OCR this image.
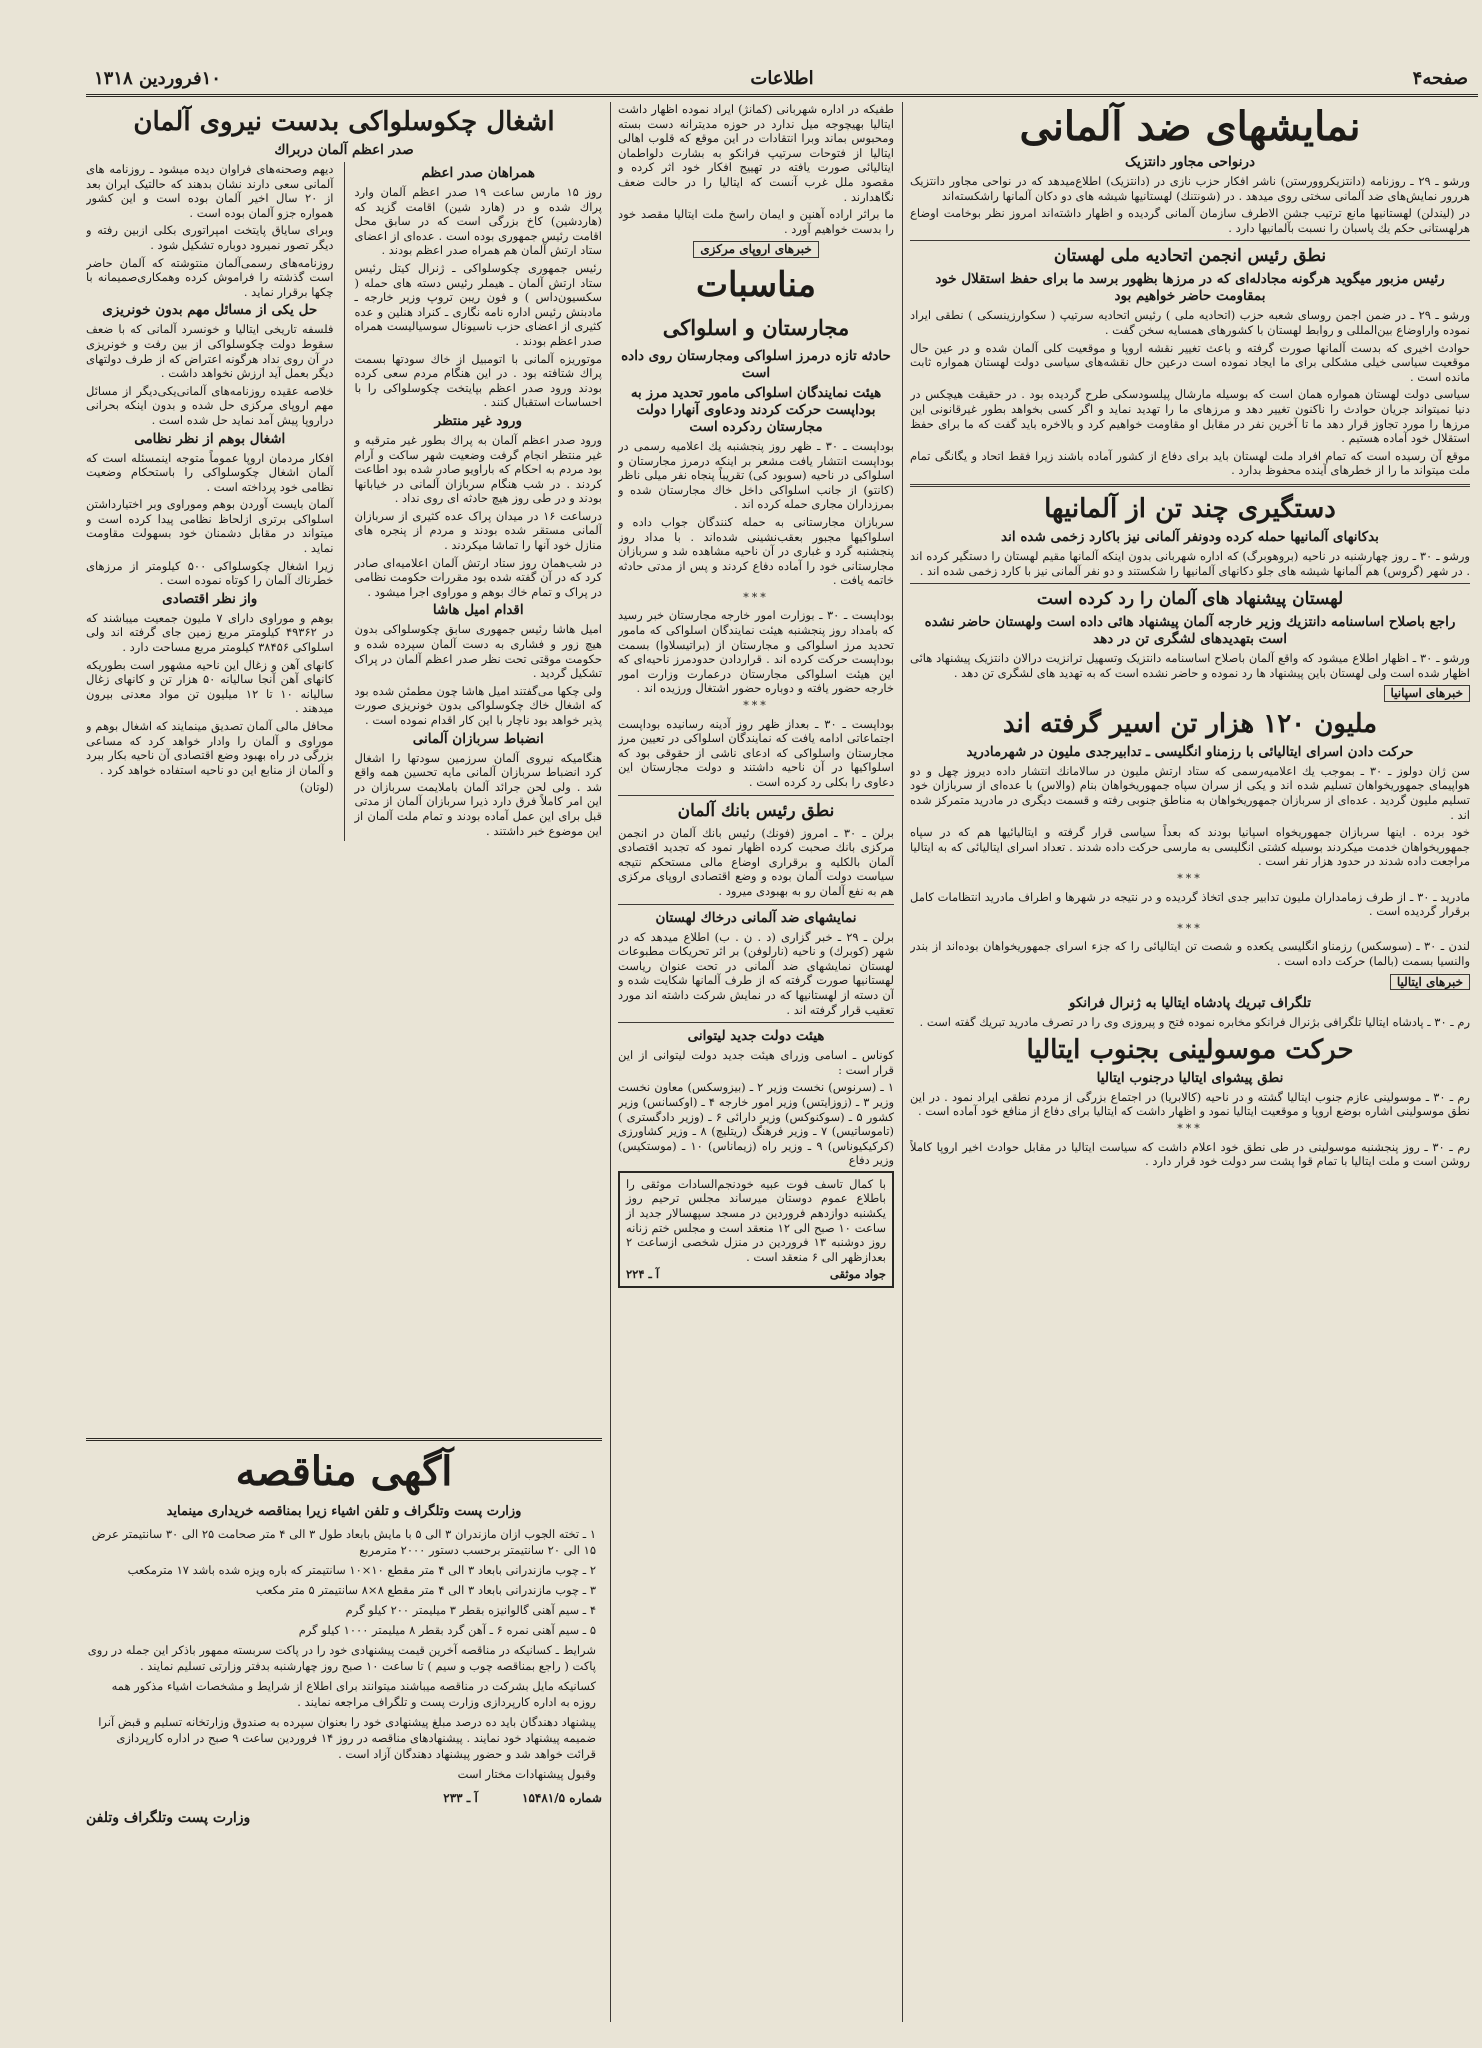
صفحه۴
اطلاعات
۱۰فروردین ۱۳۱۸
نمایشهای ضد آلمانی
درنواحی مجاور دانتزیک

ورشو ـ ۲۹ ـ روزنامه (دانتزیکروورستن) ناشر افکار حزب نازی در (دانتزیک) اطلاع‌میدهد که در نواحی مجاور دانتزیک هررور نمایش‌های ضد آلمانی سختی روی میدهد . در (شونتنك) لهستانیها شیشه های دو دکان آلمانها راشکسته‌اند

در (لیندلن) لهستانیها مانع ترتیب جشن الاطرف سازمان آلمانی گردیده و اظهار داشته‌اند امروز نظر بوخامت اوضاع هرلهستانی حکم یك پاسبان را نسبت بآلمانیها دارد .

نطق رئیس انجمن اتحادیه ملی لهستان
رئیس مزبور میگوید هرگونه مجادله‌ای که در مرزها بظهور برسد ما برای حفظ استقلال خود بمقاومت حاضر خواهیم بود

ورشو ـ ۲۹ ـ در ضمن اجمن روسای شعبه حزب (اتحادیه ملی ) رئیس اتحادیه سرتیپ ( سکوارزینسکی ) نطقی ایراد نموده واراوضاع بین‌المللی و روابط لهستان با کشورهای همسایه سخن گفت .

حوادث اخیری که بدست آلمانها صورت گرفته و باعث تغییر نقشه اروپا و موقعیت کلی آلمان شده و در عین حال موقعیت سیاسی خیلی مشکلی برای ما ایجاد نموده است درعین حال نقشه‌های سیاسی دولت لهستان همواره ثابت مانده است .

سیاسی دولت لهستان همواره همان است که بوسیله مارشال پیلسودسکی طرح گردیده بود . در حقیقت هیچکس در دنیا نمیتواند جریان حوادث را ناکنون تغییر دهد و مرزهای ما را تهدید نماید و اگر کسی بخواهد بطور غیرقانونی این مرزها را مورد تجاوز قرار دهد ما تا آخرین نفر در مقابل او مقاومت خواهیم کرد و بالاخره باید گفت که ما برای حفظ استقلال خود آماده هستیم .

موقع آن رسیده است که تمام افراد ملت لهستان باید برای دفاع از کشور آماده باشند زیرا فقط اتحاد و یگانگی تمام ملت میتواند ما را از خطرهای آینده محفوظ بدارد .

دستگیری چند تن از آلمانیها
بدکانهای آلمانیها حمله کرده ودونفر آلمانی نیز باکارد زخمی شده اند

ورشو ـ ۳۰ ـ روز چهارشنبه در ناحیه (بروهوبرگ) که اداره شهربانی بدون اینکه آلمانها مقیم لهستان را دستگیر کرده اند . در شهر (گروس) هم آلمانها شیشه های جلو دکانهای آلمانیها را شکستند و دو نفر آلمانی نیز با کارد زخمی شده اند .

لهستان پیشنهاد های آلمان را رد کرده است
راجع باصلاح اساسنامه دانتزیك وزیر خارجه آلمان پیشنهاد هائی داده است ولهستان حاضر نشده است بتهدیدهای لشگری تن در دهد

ورشو ـ ۳۰ ـ اظهار اطلاع میشود که واقع آلمان باصلاح اساسنامه دانتزیک وتسهیل ترانزیت درالان دانتزیک پیشنهاد هائی اظهار شده است ولی لهستان باین پیشنهاد ها رد نموده و حاضر نشده است که به تهدید های لشگری تن دهد .

خبرهای اسپانیا
ملیون ۱۲۰ هزار تن اسیر گرفته اند
حرکت دادن اسرای ایتالیائی با رزمناو انگلیسی ـ تدابیرجدی ملیون در شهرمادرید

سن ژان دولوز ـ ۳۰ ـ بموجب یك اعلامیه‌رسمی که ستاد ارتش ملیون در سالامانك انتشار داده دیروز چهل و دو هواپیمای جمهوریخواهان تسلیم شده اند و یکی از سران سپاه جمهوریخواهان بنام (والاس) با عده‌ای از سربازان خود تسلیم ملیون گردید . عده‌ای از سربازان جمهوریخواهان به مناطق جنوبی رفته و قسمت دیگری در مادرید متمرکز شده اند .

خود برده . اینها سربازان جمهوریخواه اسپانیا بودند که بعداً سیاسی قرار گرفته و ایتالیائیها هم که در سپاه جمهوریخواهان خدمت میکردند بوسیله کشتی انگلیسی به مارسی حرکت داده شدند . تعداد اسرای ایتالیائی که به ایتالیا مراجعت داده شدند در حدود هزار نفر است .

***

مادرید ـ ۳۰ ـ از طرف زمامداران ملیون تدابیر جدی اتخاذ گردیده و در نتیجه در شهرها و اطراف مادرید انتظامات کامل برقرار گردیده است .

***

لندن ـ ۳۰ ـ (سوسکس) رزمناو انگلیسی یکعده و شصت تن ایتالیائی را که جزء اسرای جمهوریخواهان بوده‌اند از بندر والنسیا بسمت (بالما) حرکت داده است .

خبرهای ایتالیا
تلگراف تبریك پادشاه ایتالیا به ژنرال فرانکو

رم ـ ۳۰ ـ پادشاه ایتالیا تلگرافی بژنرال فرانکو مخابره نموده فتح و پیروزی وی را در تصرف مادرید تبریك گفته است .

حرکت موسولینی بجنوب ایتالیا
نطق پیشوای ایتالیا درجنوب ایتالیا

رم ـ ۳۰ ـ موسولینی عازم جنوب ایتالیا گشته و در ناحیه (کالابریا) در اجتماع بزرگی از مردم نطقی ایراد نمود . در این نطق موسولینی اشاره بوضع اروپا و موقعیت ایتالیا نمود و اظهار داشت که ایتالیا برای دفاع از منافع خود آماده است .

***

رم ـ ۳۰ ـ روز پنجشنبه موسولینی در طی نطق خود اعلام داشت که سیاست ایتالیا در مقابل حوادث اخیر اروپا کاملاً روشن است و ملت ایتالیا با تمام قوا پشت سر دولت خود قرار دارد .

طفیکه در اداره شهربانی (کمانژ) ایراد نموده اظهار داشت ایتالیا بهیچوجه میل ندارد در حوزه مدیترانه دست بسته ومحبوس بماند وبرا انتقادات در این موقع که قلوب اهالی ایتالیا از فتوحات سرتیپ فرانکو به بشارت دلواطمان ایتالیائی صورت یافته در تهییج افکار خود اثر کرده و مقصود ملل غرب آنست که ایتالیا را در حالت ضعف نگاهدارند .

ما براثر اراده آهنین و ایمان راسخ ملت ایتالیا مقصد خود را بدست خواهیم آورد .

خبرهای اروپای مرکزی
مناسبات
مجارستان و اسلواکی
حادثه تازه درمرز اسلواکی ومجارستان روی داده است
هیئت نمایندگان اسلواکی مامور تحدید مرز به بوداپست حرکت کردند ودعاوی آنهارا دولت مجارستان ردکرده است

بوداپست ـ ۳۰ ـ ظهر روز پنجشنبه یك اعلامیه رسمی در بوداپست انتشار یافت مشعر بر اینکه درمرز مجارستان و اسلواکی در ناحیه (سوبود کی) تقریباً پنجاه نفر میلی ناظر (کانتو) از جانب اسلواکی داخل خاك مجارستان شده و بمرزداران مجاری حمله کرده اند .

سربازان مجارستانی به حمله کنندگان جواب داده و اسلواکیها مجبور بعقب‌نشینی شده‌اند . با مداد روز پنجشنبه گرد و غباری در آن ناحیه مشاهده شد و سربازان مجارستانی خود را آماده دفاع کردند و پس از مدتی حادثه خاتمه یافت .

***

بوداپست ـ ۳۰ ـ بوزارت امور خارجه مجارستان خبر رسید که بامداد روز پنجشنبه هیئت نمایندگان اسلواکی که مامور تحدید مرز اسلواکی و مجارستان از (براتیسلاوا) بسمت بوداپست حرکت کرده اند . قراردادن حدودمرز ناحیه‌ای که این هیئت اسلواکی مجارستان درعمارت وزارت امور خارجه حضور یافته و دوباره حضور اشتغال ورزیده اند .

***

بوداپست ـ ۳۰ ـ بعداز ظهر روز آدینه رسانیده بوداپست اجتماعاتی ادامه یافت که نمایندگان اسلواکی در تعیین مرز مجارستان واسلواکی که ادعای ناشی از حقوقی بود که اسلواکیها در آن ناحیه داشتند و دولت مجارستان این دعاوی را بکلی رد کرده است .

نطق رئیس بانك آلمان

برلن ـ ۳۰ ـ امروز (فونك) رئیس بانك آلمان در انجمن مرکزی بانك صحبت کرده اظهار نمود که تجدید اقتصادی آلمان بالکلیه و برقراری اوضاع مالی مستحکم نتیجه سیاست دولت آلمان بوده و وضع اقتصادی اروپای مرکزی هم به نفع آلمان رو به بهبودی میرود .

نمایشهای ضد آلمانی درخاك لهستان

برلن ـ ۲۹ ـ خبر گزاری (د . ن . ب) اطلاع میدهد که در شهر (کوبرك) و ناحیه (نارلوفن) بر اثر تحریکات مطبوعات لهستان نمایشهای ضد آلمانی در تحت عنوان ریاست لهستانیها صورت گرفته که از طرف آلمانها شکایت شده و آن دسته از لهستانیها که در نمایش شرکت داشته اند مورد تعقیب قرار گرفته اند .

هیئت دولت جدید لیتوانی

کوناس ـ اسامی وزرای هیئت جدید دولت لیتوانی از این قرار است :

۱ ـ (سرنوس) نخست وزیر ۲ ـ (بیزوسکس) معاون نخست وزیر ۳ ـ (زوزایتس) وزیر امور خارجه ۴ ـ (اوکسانس) وزیر کشور ۵ ـ (سوکنوکس) وزیر دارائی ۶ ـ (وزیر دادگستری ) (تاموساتیس) ۷ ـ وزیر فرهنگ (ریتلیچ) ۸ ـ وزیر کشاورزی (کرکیکیوناس) ۹ ـ وزیر راه (زیماناس) ۱۰ ـ (موستکیس) وزیر دفاع

با کمال تاسف فوت عبیه خودنجم‌السادات موثقی را باطلاع عموم دوستان میرساند مجلس ترحیم روز یکشنبه دوازدهم فروردین در مسجد سپهسالار جدید از ساعت ۱۰ صبح الی ۱۲ منعقد است و مجلس ختم زنانه روز دوشنبه ۱۳ فروردین در منزل شخصی ازساعت ۲ بعدازظهر الی ۶ منعقد است .

جواد موثقی
آ ـ ۲۲۴
اشغال چکوسلواکی بدست نیروی آلمان
صدر اعظم آلمان دربراك
همراهان صدر اعظم

روز ۱۵ مارس ساعت ۱۹ صدر اعظم آلمان وارد پراك شده و در (هارد شین) اقامت گزید که (هاردشین) کاخ بزرگی است که در سابق محل اقامت رئیس جمهوری بوده است . عده‌ای از اعضای ستاد ارتش آلمان هم همراه صدر اعظم بودند .

رئیس جمهوری چکوسلواکی ـ ژنرال کیتل رئیس ستاد ارتش آلمان ـ هیملر رئیس دسته های حمله ( سکسیون‌داس ) و فون ریبن تروپ وزیر خارجه ـ مادبنش رئیس اداره نامه نگاری ـ کنراد هنلین و عده کثیری از اعضای حزب ناسیونال سوسیالیست همراه صدر اعظم بودند .

موتوریزه آلمانی با اتومبیل از خاك سودتها بسمت پراك شتافته بود . در این هنگام مردم سعی کرده بودند ورود صدر اعظم بپایتخت چکوسلواکی را با احساسات استقبال کنند .

ورود غیر منتظر

ورود صدر اعظم آلمان به پراك بطور غیر مترقبه و غیر منتظر انجام گرفت وضعیت شهر ساکت و آرام بود مردم به احکام که باراویو صادر شده بود اطاعت کردند . در شب هنگام سربازان آلمانی در خیابانها بودند و در طی روز هیچ حادثه ای روی نداد .

درساعت ۱۶ در میدان پراک عده کثیری از سربازان آلمانی مستقر شده بودند و مردم از پنجره های منازل خود آنها را تماشا میکردند .

در شب‌همان روز ستاد ارتش آلمان اعلامیه‌ای صادر کرد که در آن گفته شده بود مقررات حکومت نظامی در پراک و تمام خاك بوهم و موراوی اجرا میشود .

اقدام امیل هاشا

امیل هاشا رئیس جمهوری سابق چکوسلواکی بدون هیچ زور و فشاری به دست آلمان سپرده شده و حکومت موقتی تحت نظر صدر اعظم آلمان در پراک تشکیل گردید .

ولی چکها می‌گفتند امیل هاشا چون مطمئن شده بود که اشغال خاك چکوسلواکی بدون خونریزی صورت پذیر خواهد بود ناچار با این کار اقدام نموده است .

انضباط سربازان آلمانی

هنگامیکه نیروی آلمان سرزمین سودتها را اشغال کرد انضباط سربازان آلمانی مایه تحسین همه واقع شد . ولی لحن جرائد آلمان باملایمت سربازان در این امر کاملاً فرق دارد ذیرا سربازان آلمان از مدتی قبل برای این عمل آماده بودند و تمام ملت آلمان از این موضوع خبر داشتند .

دیهم وصحنه‌های فراوان دیده میشود ـ روزنامه های آلمانی سعی دارند نشان بدهند که حالتیک ایران بعد از ۲۰ سال اخیر آلمان بوده است و این کشور همواره جزو آلمان بوده است .

وبرای سایاق پایتخت امپراتوری بکلی ازبین رفته و دیگر تصور نمیرود دوباره تشکیل شود .

روزنامه‌های رسمی‌آلمان منتوشته که آلمان حاضر است گذشته را فراموش کرده وهمکاری‌صمیمانه با چکها برقرار نماید .

حل یکی از مسائل مهم بدون خونریزی

فلسفه تاریخی ایتالیا و خونسرد آلمانی که با ضعف سقوط دولت چکوسلواکی از بین رفت و خونریزی در آن روی نداد هرگونه اعتراض که از طرف دولتهای دیگر بعمل آید ارزش نخواهد داشت .

خلاصه عقیده روزنامه‌های آلمانی‌یکی‌دیگر از مسائل مهم اروپای مرکزی حل شده و بدون اینکه بحرانی دراروپا پیش آمد نماید حل شده است .

اشغال بوهم از نظر نظامی

افکار مردمان اروپا عموماً متوجه اینمسئله است که آلمان اشغال چکوسلواکی را باستحکام وضعیت نظامی خود پرداخته است .

آلمان بایست آوردن بوهم وموراوی وبر اختیارداشتن اسلواکی برتری ازلحاظ نظامی پیدا کرده است و میتواند در مقابل دشمنان خود بسهولت مقاومت نماید .

زیرا اشغال چکوسلواکی ۵۰۰ کیلومتر از مرزهای خطرناك آلمان را کوتاه نموده است .

واز نظر اقتصادی

بوهم و موراوی دارای ۷ ملیون جمعیت میباشند که در ۴۹۳۶۲ کیلومتر مربع زمین جای گرفته اند ولی اسلواکی ۳۸۴۵۶ کیلومتر مربع مساحت دارد .

کانهای آهن و زغال این ناحیه مشهور است بطوریکه کانهای آهن آنجا سالیانه ۵۰ هزار تن و کانهای زغال سالیانه ۱۰ تا ۱۲ میلیون تن مواد معدنی بیرون میدهند .

محافل مالی آلمان تصدیق مینمایند که اشغال بوهم و موراوی و آلمان را وادار خواهد کرد که مساعی بزرگی در راه بهبود وضع اقتصادی آن ناحیه بکار ببرد و آلمان از منابع این دو ناحیه استفاده خواهد کرد .

(لوتان)

آگهی مناقصه
وزارت پست وتلگراف و تلفن اشیاء زیرا بمناقصه خریداری مینماید
۱ ـ تخته الجوب ازان مازندران ۳ الی ۵ با مایش بابعاد طول ۳ الی ۴ متر صحامت ۲۵ الی ۳۰ سانتیمتر عرض ۱۵ الی ۲۰ سانتیمتر برحسب دستور ۲۰۰۰ مترمربع
۲ ـ چوب مازندرانی بابعاد ۳ الی ۴ متر مقطع ۱۰×۱۰ سانتیمتر که باره ویزه شده باشد ۱۷ مترمکعب
۳ ـ چوب مازندرانی بابعاد ۳ الی ۴ متر مقطع ۸×۸ سانتیمتر ۵ متر مکعب
۴ ـ سیم آهنی گالوانیزه بقطر ۳ میلیمتر ۲۰۰ کیلو گرم
۵ ـ سیم آهنی نمره ۶ ـ آهن گرد بقطر ۸ میلیمتر ۱۰۰۰ کیلو گرم
شرایط ـ کسانیکه در مناقصه آخرین قیمت پیشنهادی خود را در پاکت سربسته ممهور باذکر این جمله در روی پاکت ( راجع بمناقصه چوب و سیم ) تا ساعت ۱۰ صبح روز چهارشنبه بدفتر وزارتی تسلیم نمایند .
کسانیکه مایل بشرکت در مناقصه میباشند میتوانند برای اطلاع از شرایط و مشخصات اشیاء مذکور همه روزه به اداره کارپردازی وزارت پست و تلگراف مراجعه نمایند .
پیشنهاد دهندگان باید ده درصد مبلغ پیشنهادی خود را بعنوان سپرده به صندوق وزارتخانه تسلیم و قبض آنرا ضمیمه پیشنهاد خود نمایند . پیشنهادهای مناقصه در روز ۱۴ فروردین ساعت ۹ صبح در اداره کارپردازی قرائت خواهد شد و حضور پیشنهاد دهندگان آزاد است .
وقبول پیشنهادات مختار است
شماره ۱۵۴۸۱/۵ آ ـ ۲۳۳
وزارت پست وتلگراف وتلفن
